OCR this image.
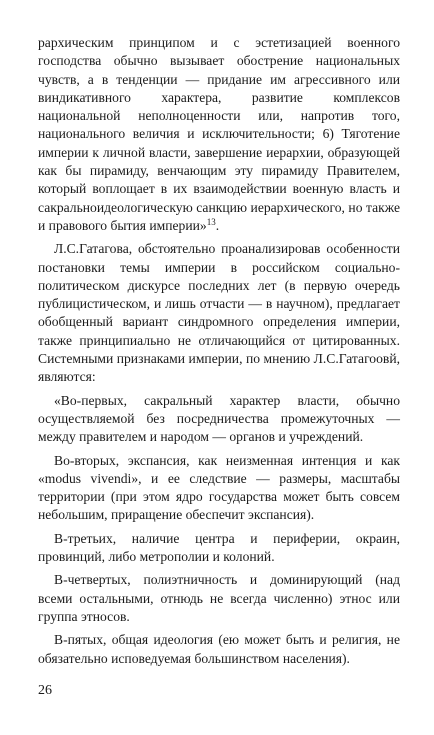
рархическим принципом и с эстетизацией военного господства обычно вызывает обострение национальных чувств, а в тенденции — придание им агрессивного или виндикативного характера, развитие комплексов национальной неполноценности или, напротив того, национального величия и исключительности; 6) Тяготение империи к личной власти, завершение иерархии, образующей как бы пирамиду, венчающим эту пирамиду Правителем, который воплощает в их взаимодействии военную власть и сакральноидеологическую санкцию иерархического, но также и правового бытия империи»$^{13}$.

Л.С.Гатагова, обстоятельно проанализировав особенности постановки темы империи в российском социально-политическом дискурсе последних лет (в первую очередь публицистическом, и лишь отчасти — в научном), предлагает обобщенный вариант синдромного определения империи, также принципиально не отличающийся от цитированных. Системными признаками империи, по мнению Л.С.Гатагоовй, являются:

«Во-первых, сакральный характер власти, обычно осуществляемой без посредничества промежуточных — между правителем и народом — органов и учреждений.

Во-вторых, экспансия, как неизменная интенция и как «modus vivendi», и ее следствие — размеры, масштабы территории (при этом ядро государства может быть совсем небольшим, приращение обеспечит экспансия).

В-третьих, наличие центра и периферии, окраин, провинций, либо метрополии и колоний.

В-четвертых, полиэтничность и доминирующий (над всеми остальными, отнюдь не всегда численно) этнос или группа этносов.

В-пятых, общая идеология (ею может быть и религия, не обязательно исповедуемая большинством населения).

26
